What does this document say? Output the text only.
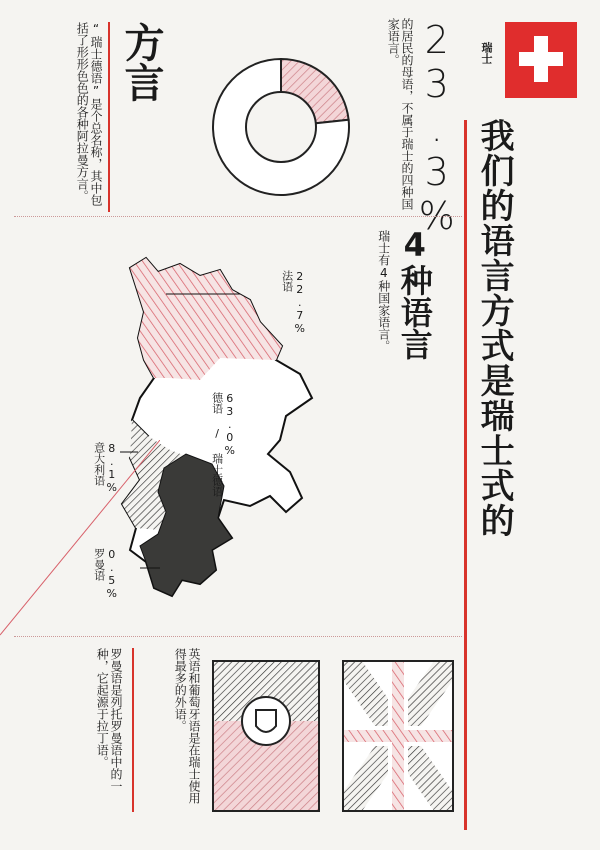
瑞士
我们的语言方式是瑞士式的
23.3%
的居民的母语，不属于瑞士的四种国家语言。
方言
“瑞士德语”是个总名称，其中包括了形形色色的各种阿拉曼方言。
4种语言
瑞士有4种国家语言。
22.7%
法语
63.0%
德语 / 瑞士德语
8.1%
意大利语
0.5%
罗曼语
英语和葡萄牙语是在瑞士使用得最多的外语。
罗曼语是列托罗曼语中的一种，它起源于拉丁语。
